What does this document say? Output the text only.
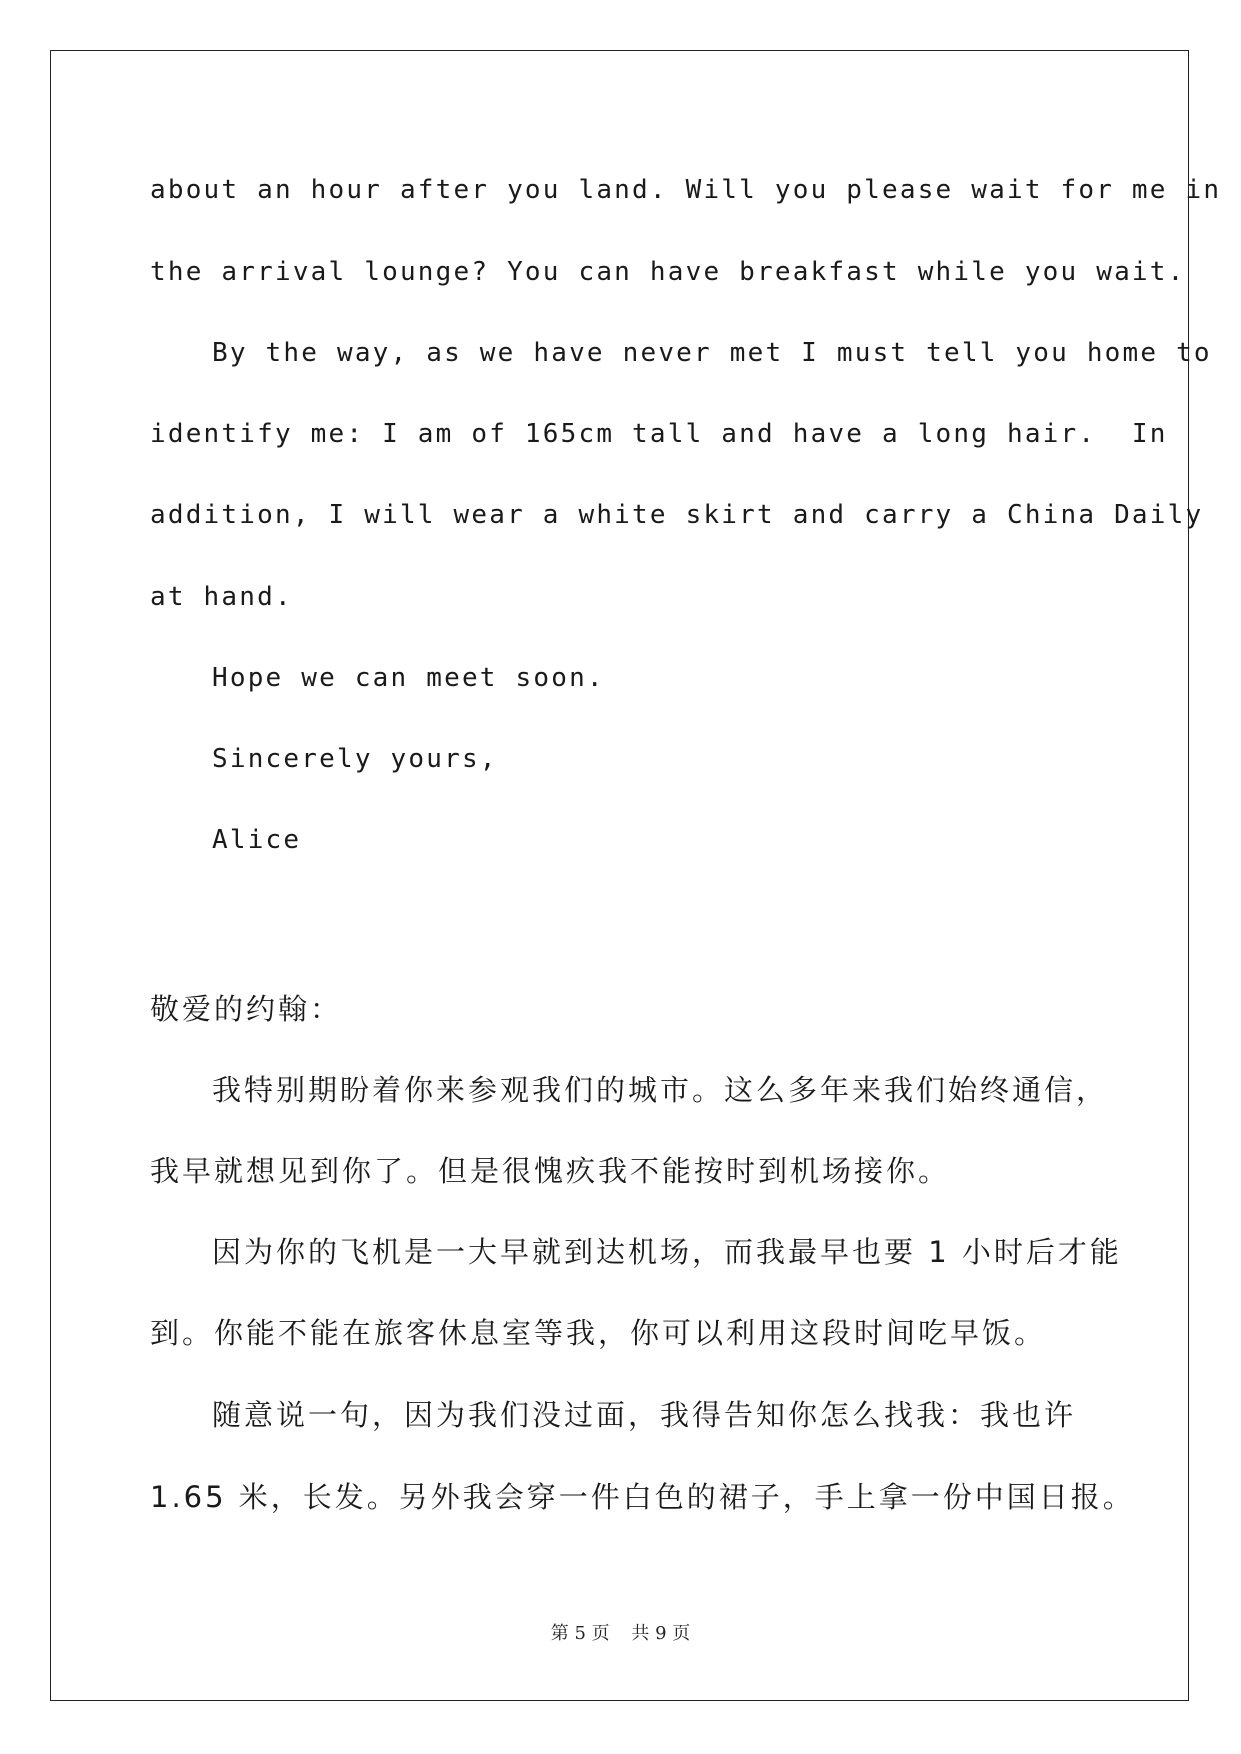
about an hour after you land. Will you please wait for me in
the arrival lounge? You can have breakfast while you wait.
By the way, as we have never met I must tell you home to
identify me: I am of 165cm tall and have a long hair.  In
addition, I will wear a white skirt and carry a China Daily
at hand.
Hope we can meet soon.
Sincerely yours,
Alice
敬爱的约翰：
我特别期盼着你来参观我们的城市。这么多年来我们始终通信，
我早就想见到你了。但是很愧疚我不能按时到机场接你。
因为你的飞机是一大早就到达机场，而我最早也要 1 小时后才能
到。你能不能在旅客休息室等我，你可以利用这段时间吃早饭。
随意说一句，因为我们没过面，我得告知你怎么找我：我也许
1.65 米，长发。另外我会穿一件白色的裙子，手上拿一份中国日报。
第 5 页 共 9 页
